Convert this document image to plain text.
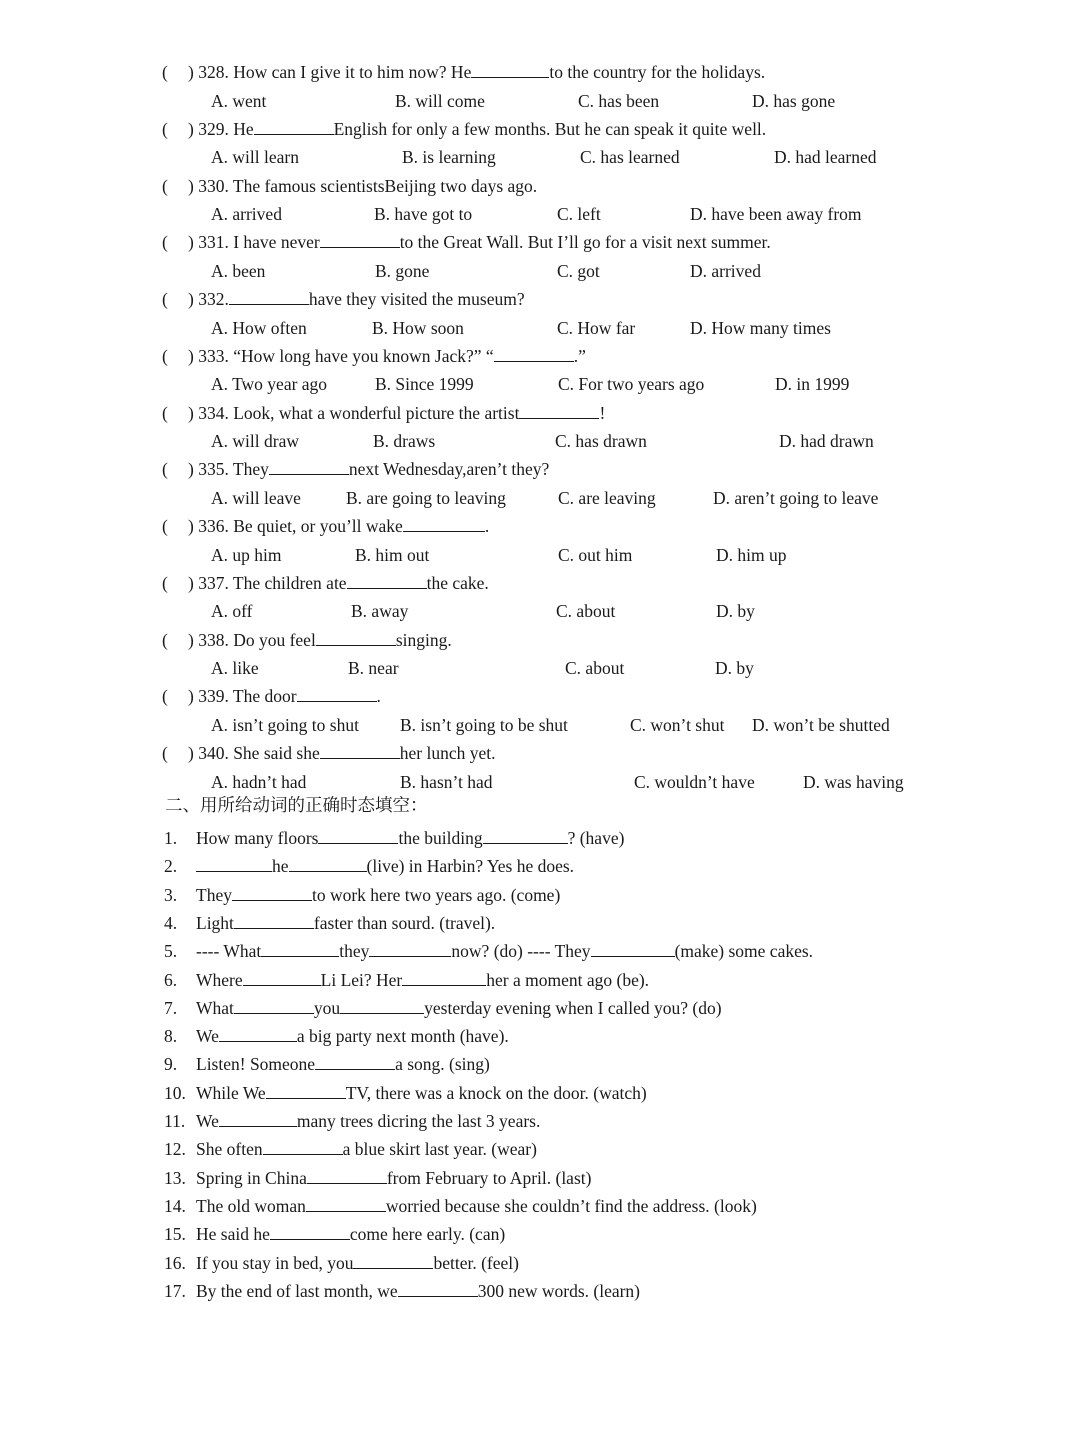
( ) 328. How can I give it to him now? He	to the country for the holidays.
A. went	B. will come	C. has been	D. has gone
( ) 329. He	English for only a few months. But he can speak it quite well.
A. will learn	B. is learning	C. has learned	D. had learned
( ) 330. The famous scientistsBeijing two days ago.
A. arrived	B. have got to	C. left	D. have been away from
( ) 331. I have never	to the Great Wall. But I’ll go for a visit next summer.
A. been	B. gone	C. got	D. arrived
( ) 332.	have they visited the museum?
A. How often	B. How soon	C. How far	D. How many times
( ) 333. “How long have you known Jack?” “	.”
A. Two year ago	B. Since 1999	C. For two years ago	D. in 1999
( ) 334. Look, what a wonderful picture the artist	!
A. will draw	B. draws	C. has drawn	D. had drawn
( ) 335. They	next Wednesday,aren’t they?
A. will leave	B. are going to leaving	C. are leaving	D. aren’t going to leave
( ) 336. Be quiet, or you’ll wake	.
A. up him	B. him out	C. out him	D. him up
( ) 337. The children ate	the cake.
A. off	B. away	C. about	D. by
( ) 338. Do you feel	singing.
A. like	B. near	C. about	D. by
( ) 339. The door	.
A. isn’t going to shut B. isn’t going to be shut	C. won’t shut D. won’t be shutted
( ) 340. She said she	her lunch yet.
A. hadn’t had	B. hasn’t had	C. wouldn’t have	D. was having
二、用所给动词的正确时态填空：
1. How many floors	the building	? (have)
2.	he	(live) in Harbin? Yes he does.
3. They	to work here two years ago. (come)
4. Light	faster than sourd. (travel).
5. ---- What	they	now? (do) ---- They	(make) some cakes.
6. Where	Li Lei? Her	her a moment ago (be).
7. What	you	yesterday evening when I called you? (do)
8. We	a big party next month (have).
9. Listen! Someone	a song. (sing)
10. While We	TV, there was a knock on the door. (watch)
11. We	many trees dicring the last 3 years.
12. She often	a blue skirt last year. (wear)
13. Spring in China	from February to April. (last)
14. The old woman	worried because she couldn’t find the address. (look)
15. He said he	come here early. (can)
16. If you stay in bed, you	better. (feel)
17. By the end of last month, we	300 new words. (learn)
